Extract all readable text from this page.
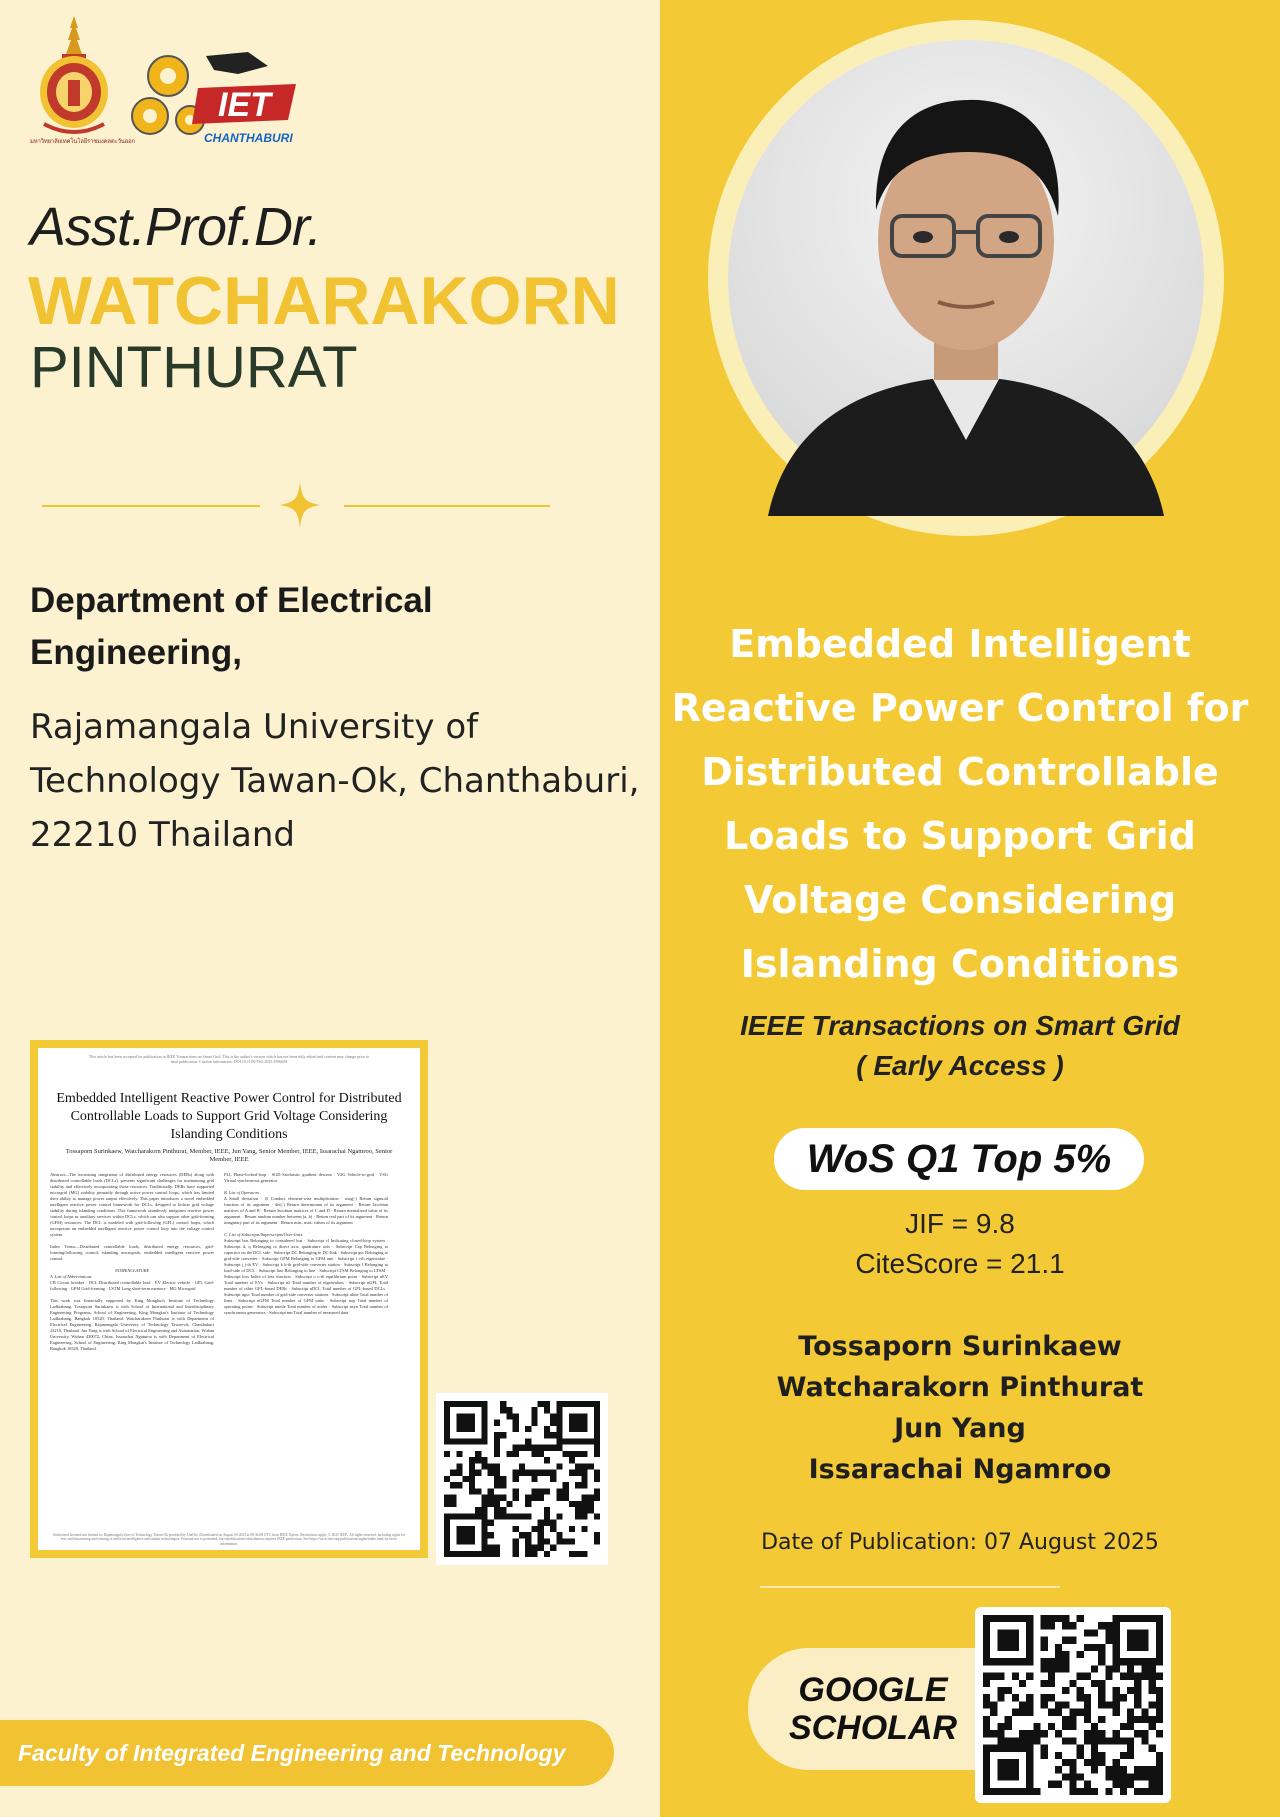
มหาวิทยาลัยเทคโนโลยีราชมงคลตะวันออก
IET
CHANTHABURI
Asst.Prof.Dr.
WATCHARAKORN
PINTHURAT
Department of Electrical Engineering,
Rajamangala University of Technology Tawan-Ok, Chanthaburi, 22210 Thailand
This article has been accepted for publication in IEEE Transactions on Smart Grid. This is the author's version which has not been fully edited and content may change prior to final publication. Citation information: DOI 10.1109/TSG.2025.3596658
Embedded Intelligent Reactive Power Control for Distributed Controllable Loads to Support Grid Voltage Considering Islanding Conditions
Tossaporn Surinkaew, Watcharakorn Pinthurat, Member, IEEE, Jun Yang, Senior Member, IEEE, Issarachai Ngamroo, Senior Member, IEEE
Abstract—The increasing integration of distributed energy resources (DERs) along with distributed controllable loads (DCLs), presents significant challenges for maintaining grid stability and effectively incorporating those resources. Traditionally, DERs have supported microgrid (MG) stability primarily through active power control loops, which has limited their ability to manage power output effectively. This paper introduces a novel embedded intelligent reactive power control framework for DCLs, designed to bolster grid voltage stability during islanding conditions. This framework seamlessly integrates reactive power control loops as auxiliary services within DCLs, which can also support other grid-forming (GFM) resources. The DCL is modeled with grid-following (GFL) control loops, which incorporate an embedded intelligent reactive power control loop into the voltage control system.
Index Terms—Distributed controllable loads, distributed energy resources, grid-forming/following control, islanding microgrids, embedded intelligent reactive power control.
NOMENCLATURE
A. List of Abbreviations
CB Circuit breaker · DCL Distributed controllable load · EV Electric vehicle · GFL Grid-following · GFM Grid-forming · LSTM Long short-term memory · MG Microgrid
This work was financially supported by King Mongkut's Institute of Technology Ladkrabang. Tossaporn Surinkaew is with School of International and Interdisciplinary Engineering Programs, School of Engineering, King Mongkut's Institute of Technology Ladkrabang, Bangkok 10520, Thailand. Watcharakorn Pinthurat is with Department of Electrical Engineering, Rajamangala University of Technology Tawan-ok, Chanthaburi 22210, Thailand. Jun Yang is with School of Electrical Engineering and Automation, Wuhan University, Wuhan 430072, China. Issarachai Ngamroo is with Department of Electrical Engineering, School of Engineering, King Mongkut's Institute of Technology Ladkrabang, Bangkok 10520, Thailand.
PLL Phase-locked-loop · SGD Stochastic gradient descent · V2G Vehicle-to-grid · VSG Virtual synchronous generator
B. List of Operators
Δ Small deviation · ⊙ Conduct element-wise multiplication · σsig(·) Return sigmoid function of its argument · det(·) Return determinant of its argument · Return Jacobian matrices of A and B · Return Jacobian matrices of C and D · Return normalized value of its argument · Return random number between (a, b) · Return real part of its argument · Return imaginary part of its argument · Return min., max. values of its argument
C. List of Subscripts/Superscripts/Over-lines
Subscript bus Belonging to considered bus · Subscript cl Indicating closed-loop system · Subscript d, q Belonging to direct axis, quadrature axis · Subscript Cap Belonging to capacitor on the DCL side · Subscript DC Belonging to DC-link · Subscript gsc Belonging to grid-side converter · Subscript GFM Belonging to GFM unit · Subscript i i-th eigenvalue · Subscript j j-th EV · Subscript k k-th grid-side converter station · Subscript l Belonging to load-side of DCL · Subscript line Belonging to line · Subscript LTSM Belonging to LTSM · Subscript loss Index of loss function · Subscript o o-th equilibrium point · Subscript nEV Total number of EVs · Subscript nλ Total number of eigenvalues · Subscript nGFL Total number of other GFL-based DERs · Subscript nDCL Total number of GFL-based DCLs · Subscript ngsc Total number of grid-side converter stations · Subscript nline Total number of lines · Subscript nGFM Total number of GFM units · Subscript nop Total number of operating points · Subscript nnode Total number of nodes · Subscript nsyn Total number of synchronous generators · Subscript nm Total number of measured data
Authorized licensed use limited to: Rajamangala Univ of Technology Tawan Ok provided by UniNet. Downloaded on August 09,2025 at 08:36:08 UTC from IEEE Xplore. Restrictions apply. © 2025 IEEE. All rights reserved, including rights for text and data mining and training of artificial intelligence and similar technologies. Personal use is permitted, but republication/redistribution requires IEEE permission. See https://www.ieee.org/publications/rights/index.html for more information.
Faculty of Integrated Engineering and Technology
Embedded Intelligent Reactive Power Control for Distributed Controllable Loads to Support Grid Voltage Considering Islanding Conditions
IEEE Transactions on Smart Grid
( Early Access )
WoS Q1 Top 5%
JIF = 9.8
CiteScore = 21.1
Tossaporn Surinkaew
Watcharakorn Pinthurat
Jun Yang
Issarachai Ngamroo
Date of Publication: 07 August 2025
GOOGLE
SCHOLAR
